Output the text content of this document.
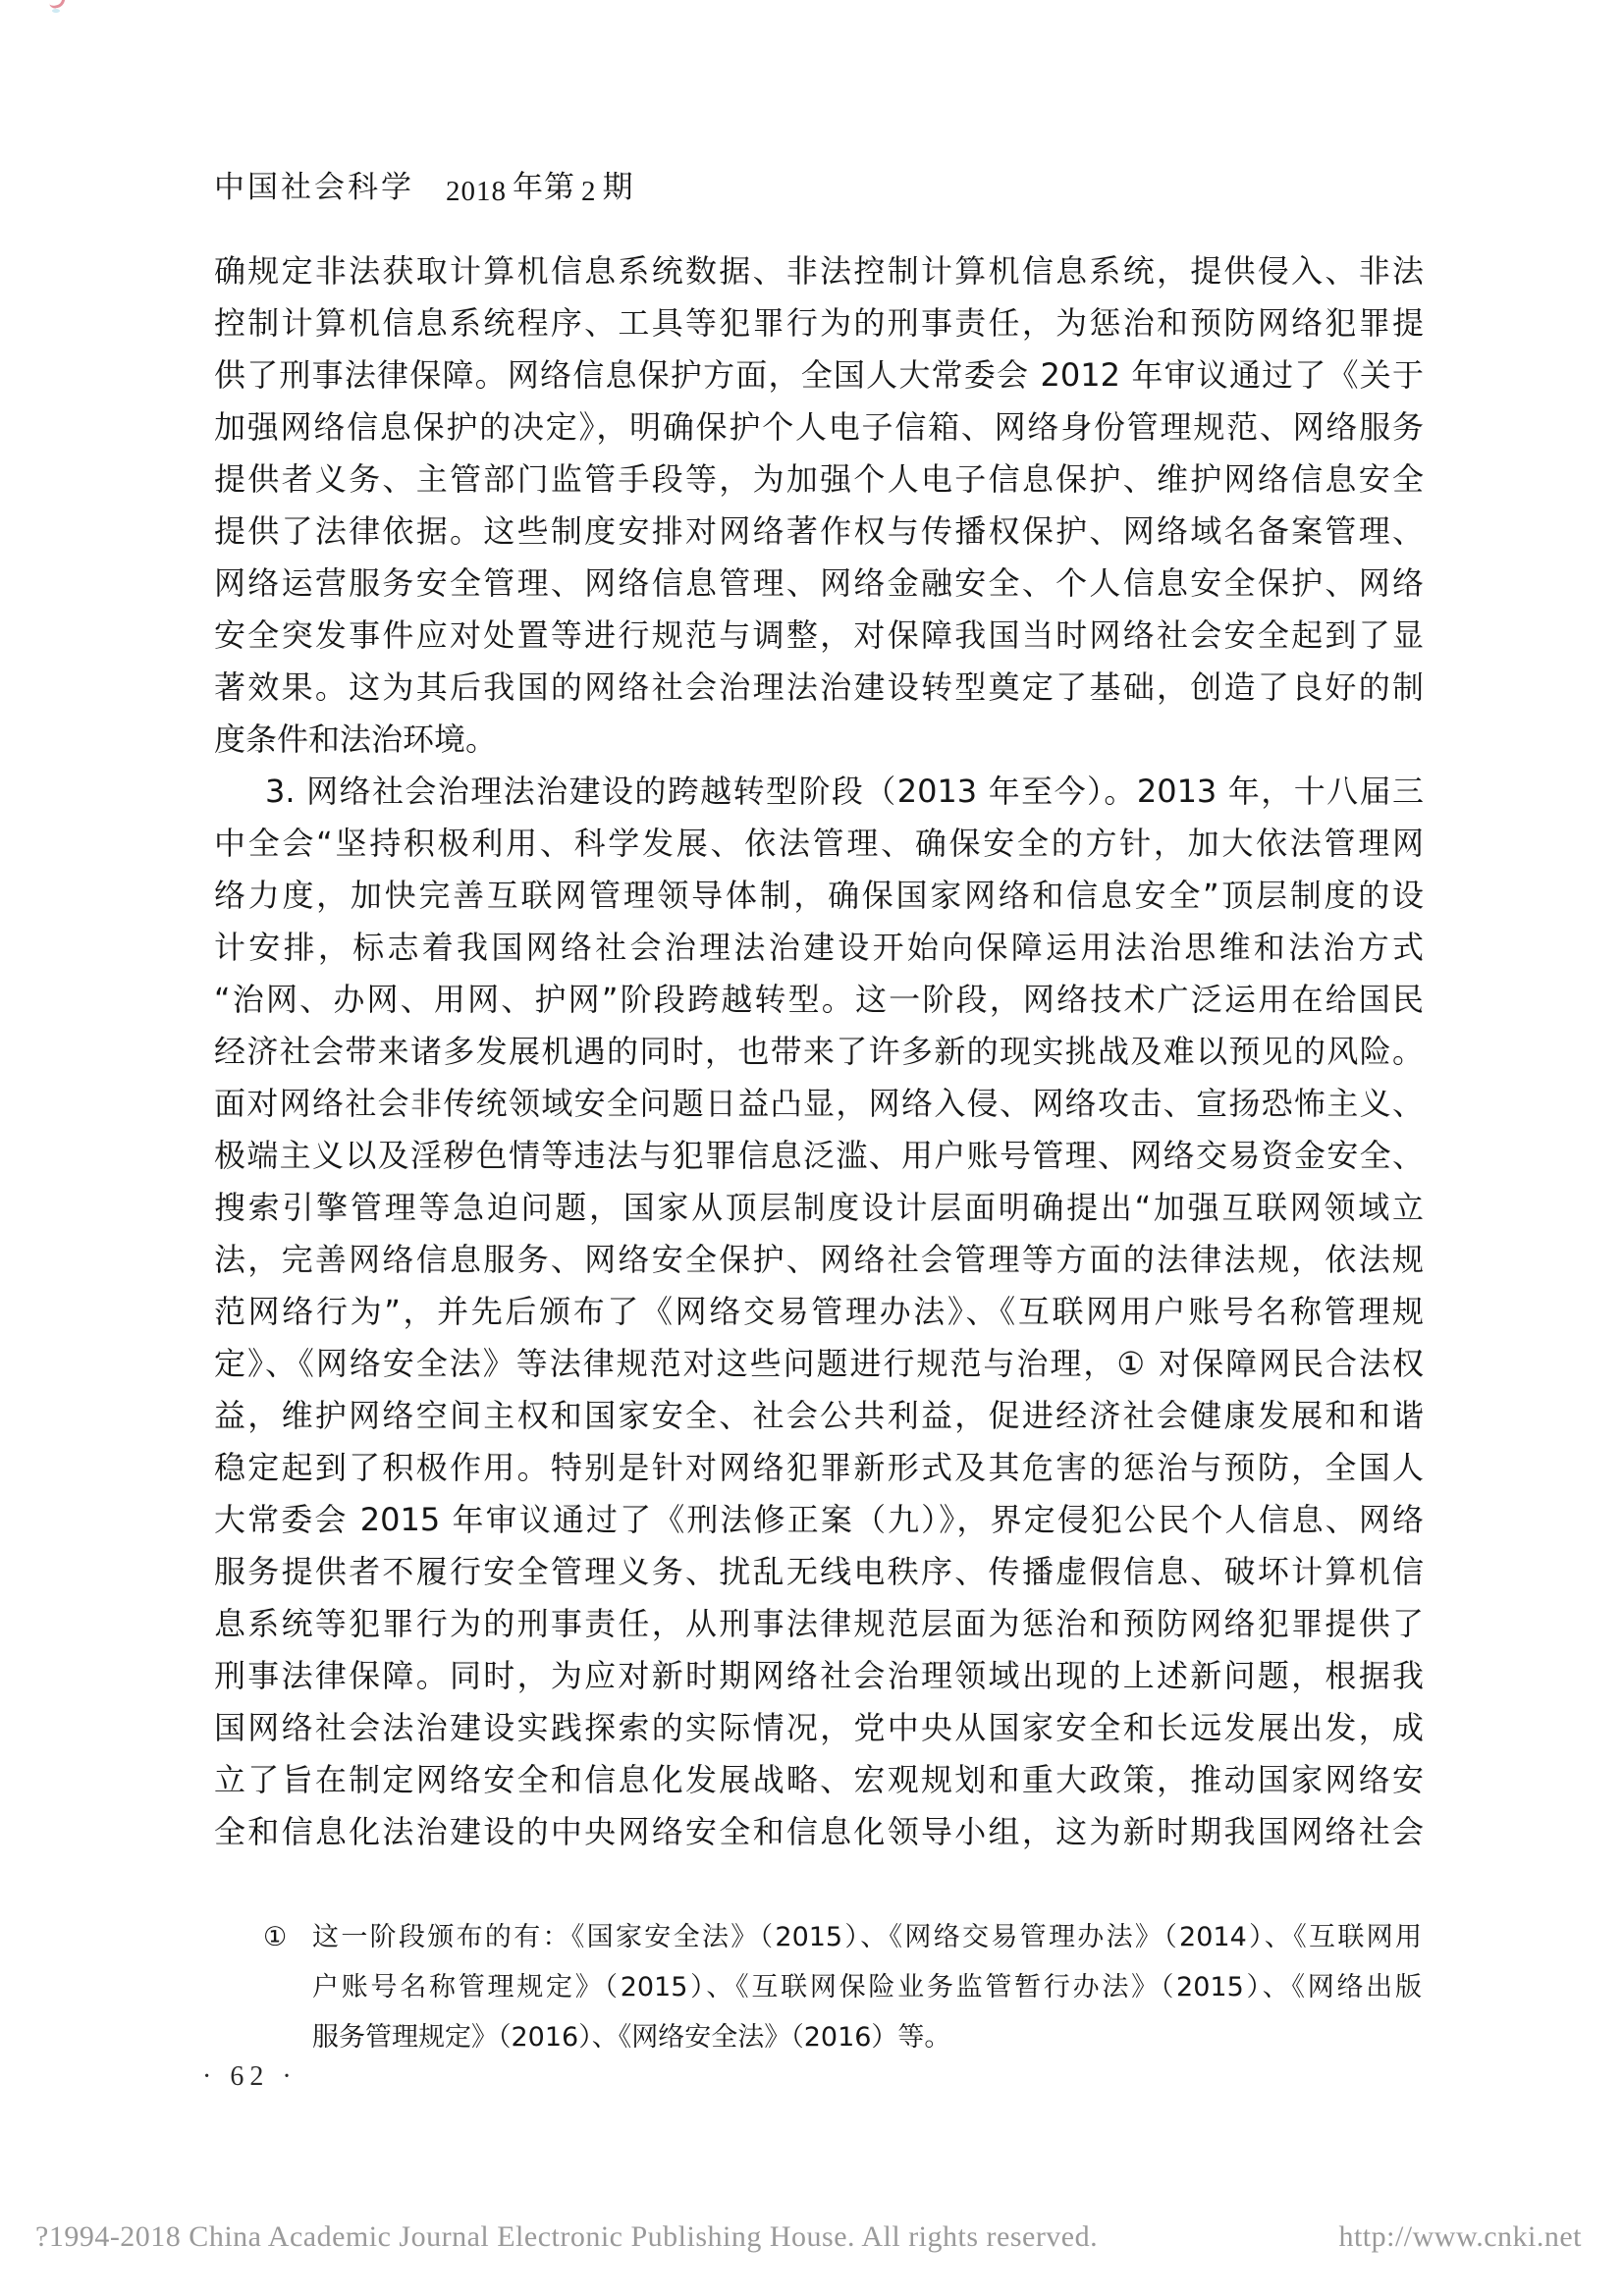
中国社会科学 2018 年第 2 期
确规定非法获取计算机信息系统数据、非法控制计算机信息系统，提供侵入、非法
控制计算机信息系统程序、工具等犯罪行为的刑事责任，为惩治和预防网络犯罪提
供了刑事法律保障。网络信息保护方面，全国人大常委会 2012 年审议通过了《关于
加强网络信息保护的决定》，明确保护个人电子信箱、网络身份管理规范、网络服务
提供者义务、主管部门监管手段等，为加强个人电子信息保护、维护网络信息安全
提供了法律依据。这些制度安排对网络著作权与传播权保护、网络域名备案管理、
网络运营服务安全管理、网络信息管理、网络金融安全、个人信息安全保护、网络
安全突发事件应对处置等进行规范与调整，对保障我国当时网络社会安全起到了显
著效果。这为其后我国的网络社会治理法治建设转型奠定了基础，创造了良好的制
度条件和法治环境。
3. 网络社会治理法治建设的跨越转型阶段（2013 年至今）。2013 年，十八届三
中全会“坚持积极利用、科学发展、依法管理、确保安全的方针，加大依法管理网
络力度，加快完善互联网管理领导体制，确保国家网络和信息安全”顶层制度的设
计安排，标志着我国网络社会治理法治建设开始向保障运用法治思维和法治方式
“治网、办网、用网、护网”阶段跨越转型。这一阶段，网络技术广泛运用在给国民
经济社会带来诸多发展机遇的同时，也带来了许多新的现实挑战及难以预见的风险。
面对网络社会非传统领域安全问题日益凸显，网络入侵、网络攻击、宣扬恐怖主义、
极端主义以及淫秽色情等违法与犯罪信息泛滥、用户账号管理、网络交易资金安全、
搜索引擎管理等急迫问题，国家从顶层制度设计层面明确提出“加强互联网领域立
法，完善网络信息服务、网络安全保护、网络社会管理等方面的法律法规，依法规
范网络行为”，并先后颁布了《网络交易管理办法》、《互联网用户账号名称管理规
定》、《网络安全法》等法律规范对这些问题进行规范与治理，① 对保障网民合法权
益，维护网络空间主权和国家安全、社会公共利益，促进经济社会健康发展和和谐
稳定起到了积极作用。特别是针对网络犯罪新形式及其危害的惩治与预防，全国人
大常委会 2015 年审议通过了《刑法修正案（九）》，界定侵犯公民个人信息、网络
服务提供者不履行安全管理义务、扰乱无线电秩序、传播虚假信息、破坏计算机信
息系统等犯罪行为的刑事责任，从刑事法律规范层面为惩治和预防网络犯罪提供了
刑事法律保障。同时，为应对新时期网络社会治理领域出现的上述新问题，根据我
国网络社会法治建设实践探索的实际情况，党中央从国家安全和长远发展出发，成
立了旨在制定网络安全和信息化发展战略、宏观规划和重大政策，推动国家网络安
全和信息化法治建设的中央网络安全和信息化领导小组，这为新时期我国网络社会
① 这一阶段颁布的有：《国家安全法》（2015）、《网络交易管理办法》（2014）、《互联网用
户账号名称管理规定》（2015）、《互联网保险业务监管暂行办法》（2015）、《网络出版
服务管理规定》（2016）、《网络安全法》（2016）等。
· 62 ·
?1994-2018 China Academic Journal Electronic Publishing House. All rights reserved.	http://www.cnki.net
